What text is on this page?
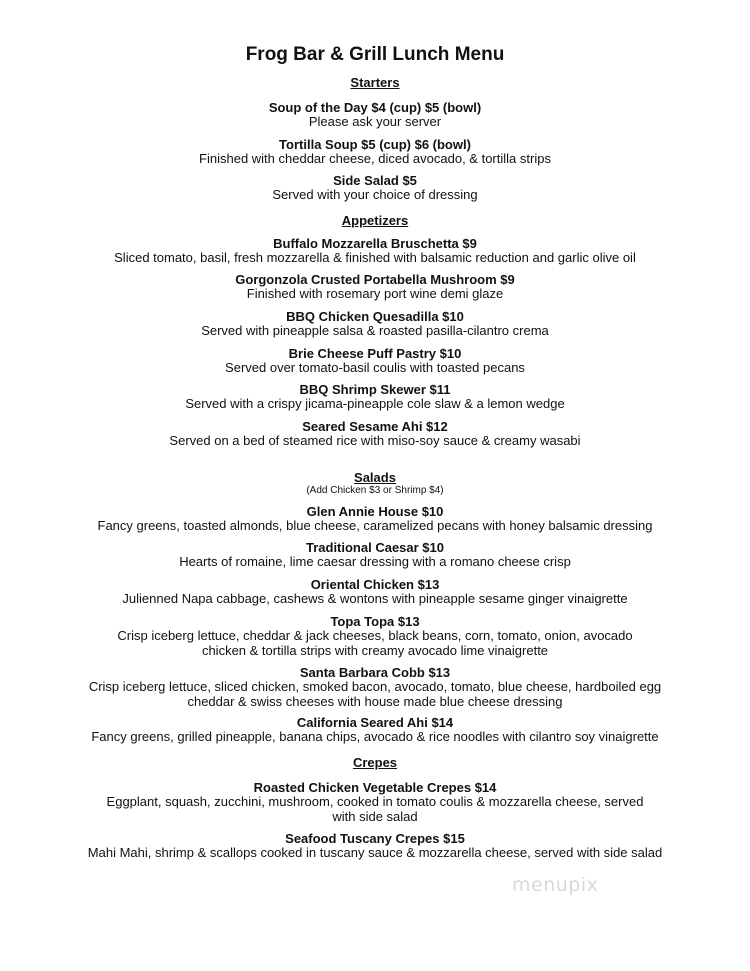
Frog Bar & Grill Lunch Menu
Starters
Soup of the Day $4 (cup) $5 (bowl)
Please ask your server
Tortilla Soup $5 (cup) $6 (bowl)
Finished with cheddar cheese, diced avocado, & tortilla strips
Side Salad $5
Served with your choice of dressing
Appetizers
Buffalo Mozzarella Bruschetta $9
Sliced tomato, basil, fresh mozzarella & finished with balsamic reduction and garlic olive oil
Gorgonzola Crusted Portabella Mushroom $9
Finished with rosemary port wine demi glaze
BBQ Chicken Quesadilla $10
Served with pineapple salsa & roasted pasilla-cilantro crema
Brie Cheese Puff Pastry $10
Served over tomato-basil coulis with toasted pecans
BBQ Shrimp Skewer $11
Served with a crispy jicama-pineapple cole slaw & a lemon wedge
Seared Sesame Ahi $12
Served on a bed of steamed rice with miso-soy sauce & creamy wasabi
Salads
(Add Chicken $3 or Shrimp $4)
Glen Annie House $10
Fancy greens, toasted almonds, blue cheese, caramelized pecans with honey balsamic dressing
Traditional Caesar $10
Hearts of romaine, lime caesar dressing with a romano cheese crisp
Oriental Chicken $13
Julienned Napa cabbage, cashews & wontons with pineapple sesame ginger vinaigrette
Topa Topa $13
Crisp iceberg lettuce, cheddar & jack cheeses, black beans, corn, tomato, onion, avocado
chicken & tortilla strips with creamy avocado lime vinaigrette
Santa Barbara Cobb $13
Crisp iceberg lettuce, sliced chicken, smoked bacon, avocado, tomato, blue cheese, hardboiled egg
cheddar & swiss cheeses with house made blue cheese dressing
California Seared Ahi $14
Fancy greens, grilled pineapple, banana chips, avocado & rice noodles with cilantro soy vinaigrette
Crepes
Roasted Chicken Vegetable Crepes $14
Eggplant, squash, zucchini, mushroom, cooked in tomato coulis & mozzarella cheese, served with side salad
Seafood Tuscany Crepes $15
Mahi Mahi, shrimp & scallops cooked in tuscany sauce & mozzarella cheese, served with side salad
menupix
